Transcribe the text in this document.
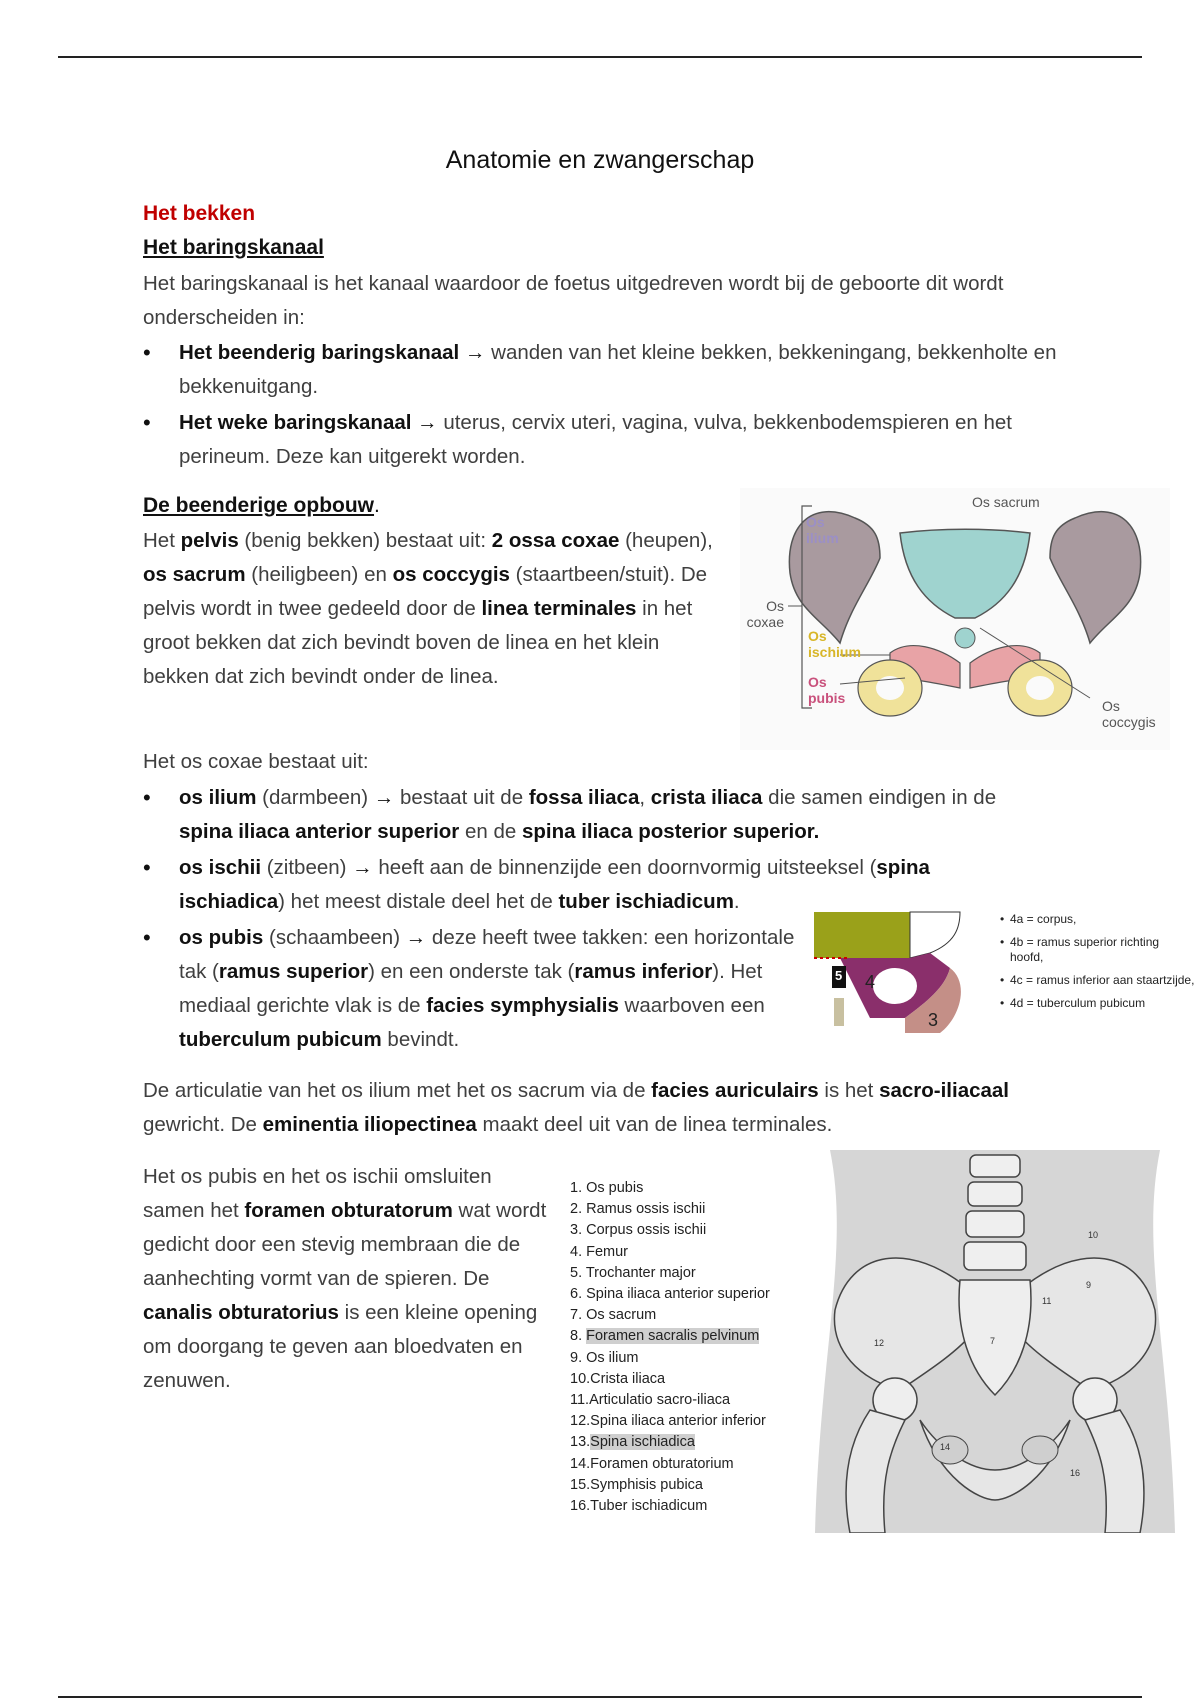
Anatomie en zwangerschap
Het bekken
Het baringskanaal

Het baringskanaal is het kanaal waardoor de foetus uitgedreven wordt bij de geboorte dit wordt onderscheiden in:

• Het beenderig baringskanaal → wanden van het kleine bekken, bekkeningang, bekkenholte en bekkenuitgang.
• Het weke baringskanaal → uterus, cervix uteri, vagina, vulva, bekkenbodemspieren en het perineum. Deze kan uitgerekt worden.
De beenderige opbouw.

Het pelvis (benig bekken) bestaat uit: 2 ossa coxae (heupen), os sacrum (heiligbeen) en os coccygis (staartbeen/stuit). De pelvis wordt in twee gedeeld door de linea terminales in het groot bekken dat zich bevindt boven de linea en het klein bekken dat zich bevindt onder de linea.

Os sacrum
Os ilium
Os coxae
Os ischium
Os pubis	Os coccygis

Het os coxae bestaat uit:

• os ilium (darmbeen) → bestaat uit de fossa iliaca, crista iliaca die samen eindigen in de spina iliaca anterior superior en de spina iliaca posterior superior.
• os ischii (zitbeen) → heeft aan de binnenzijde een doornvormig uitsteeksel (spina ischiadica) het meest distale deel het de tuber ischiadicum.
• os pubis (schaambeen) → deze heeft twee takken: een horizontale tak (ramus superior) en een onderste tak (ramus inferior). Het mediaal gerichte vlak is de facies symphysialis waarboven een tuberculum pubicum bevindt.
5 4
3
• 4a = corpus,
• 4b = ramus superior richting hoofd,
• 4c = ramus inferior aan staartzijde,
• 4d = tuberculum pubicum

De articulatie van het os ilium met het os sacrum via de facies auriculairs is het sacro-iliacaal gewricht. De eminentia iliopectinea maakt deel uit van de linea terminales.

Het os pubis en het os ischii omsluiten samen het foramen obturatorum wat wordt gedicht door een stevig membraan die de aanhechting vormt van de spieren. De canalis obturatorius is een kleine opening om doorgang te geven aan bloedvaten en zenuwen.

1. Os pubis
2. Ramus ossis ischii
3. Corpus ossis ischii
4. Femur
5. Trochanter major
6. Spina iliaca anterior superior
7. Os sacrum
8. Foramen sacralis pelvinum
9. Os ilium
10.Crista iliaca
11.Articulatio sacro-iliaca
12.Spina iliaca anterior inferior
13.Spina ischiadica
14.Foramen obturatorium
15.Symphisis pubica
16.Tuber ischiadicum
10
9
11
7
12
14
16
